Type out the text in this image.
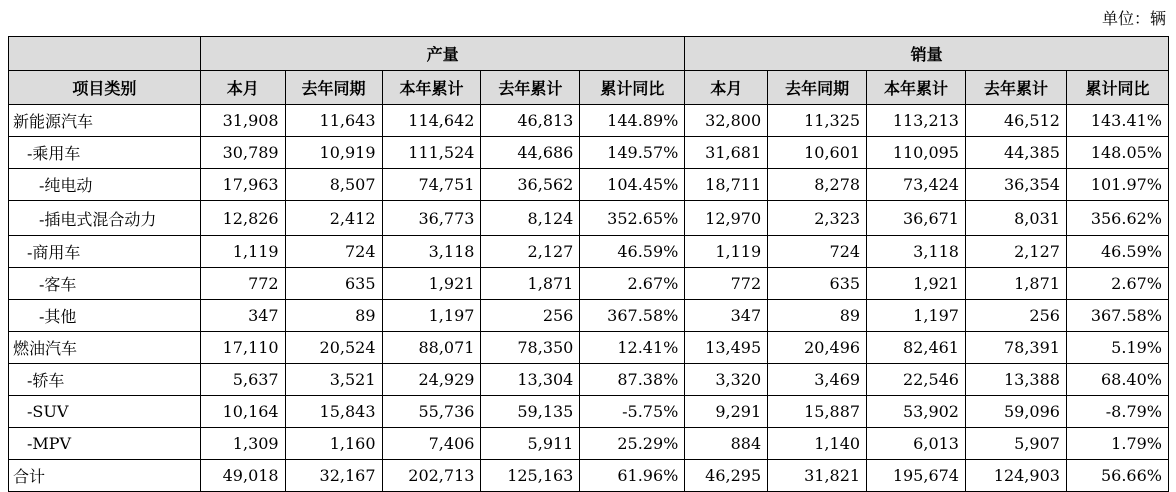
单位：辆
	产量					销量				
项目类别	本月	去年同期	本年累计	去年累计	累计同比	本月	去年同期	本年累计	去年累计	累计同比
新能源汽车	31,908	11,643	114,642	46,813	144.89%	32,800	11,325	113,213	46,512	143.41%
-乘用车	30,789	10,919	111,524	44,686	149.57%	31,681	10,601	110,095	44,385	148.05%
-纯电动	17,963	8,507	74,751	36,562	104.45%	18,711	8,278	73,424	36,354	101.97%
-插电式混合动力	12,826	2,412	36,773	8,124	352.65%	12,970	2,323	36,671	8,031	356.62%
-商用车	1,119	724	3,118	2,127	46.59%	1,119	724	3,118	2,127	46.59%
-客车	772	635	1,921	1,871	2.67%	772	635	1,921	1,871	2.67%
-其他	347	89	1,197	256	367.58%	347	89	1,197	256	367.58%
燃油汽车	17,110	20,524	88,071	78,350	12.41%	13,495	20,496	82,461	78,391	5.19%
-轿车	5,637	3,521	24,929	13,304	87.38%	3,320	3,469	22,546	13,388	68.40%
-SUV	10,164	15,843	55,736	59,135	-5.75%	9,291	15,887	53,902	59,096	-8.79%
-MPV	1,309	1,160	7,406	5,911	25.29%	884	1,140	6,013	5,907	1.79%
合计	49,018	32,167	202,713	125,163	61.96%	46,295	31,821	195,674	124,903	56.66%
